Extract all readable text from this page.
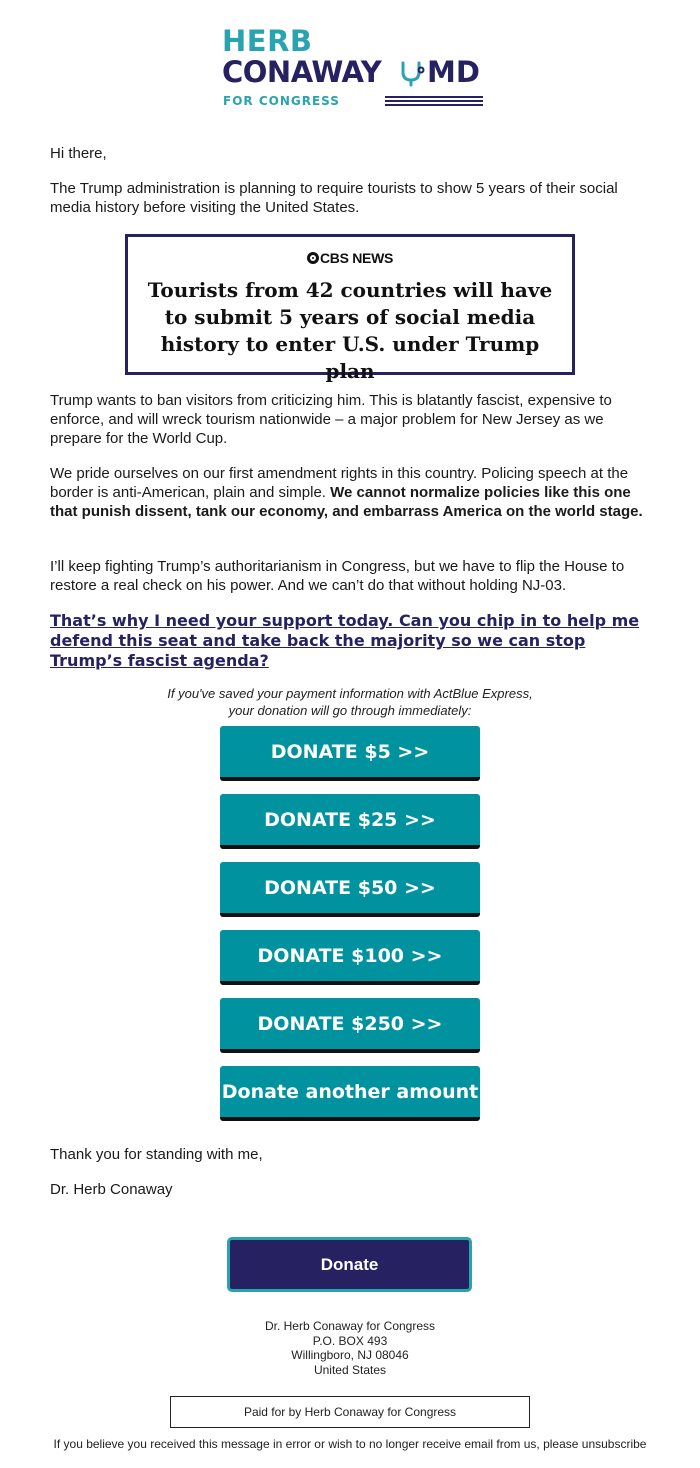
HERB
CONAWAY MD
FOR CONGRESS
Hi there,
The Trump administration is planning to require tourists to show 5 years of their social media history before visiting the United States.
CBS NEWS
Tourists from 42 countries will have to submit 5 years of social media history to enter U.S. under Trump plan
Trump wants to ban visitors from criticizing him. This is blatantly fascist, expensive to enforce, and will wreck tourism nationwide – a major problem for New Jersey as we prepare for the World Cup.
We pride ourselves on our first amendment rights in this country. Policing speech at the border is anti-American, plain and simple. We cannot normalize policies like this one that punish dissent, tank our economy, and embarrass America on the world stage.
I’ll keep fighting Trump’s authoritarianism in Congress, but we have to flip the House to restore a real check on his power. And we can’t do that without holding NJ-03.
That’s why I need your support today. Can you chip in to help me defend this seat and take back the majority so we can stop Trump’s fascist agenda?
If you've saved your payment information with ActBlue Express,
your donation will go through immediately:
DONATE $5 >>
DONATE $25 >>
DONATE $50 >>
DONATE $100 >>
DONATE $250 >>
Donate another amount
Thank you for standing with me,
Dr. Herb Conaway
Donate
Dr. Herb Conaway for Congress
P.O. BOX 493
Willingboro, NJ 08046
United States
Paid for by Herb Conaway for Congress
If you believe you received this message in error or wish to no longer receive email from us, please unsubscribe
